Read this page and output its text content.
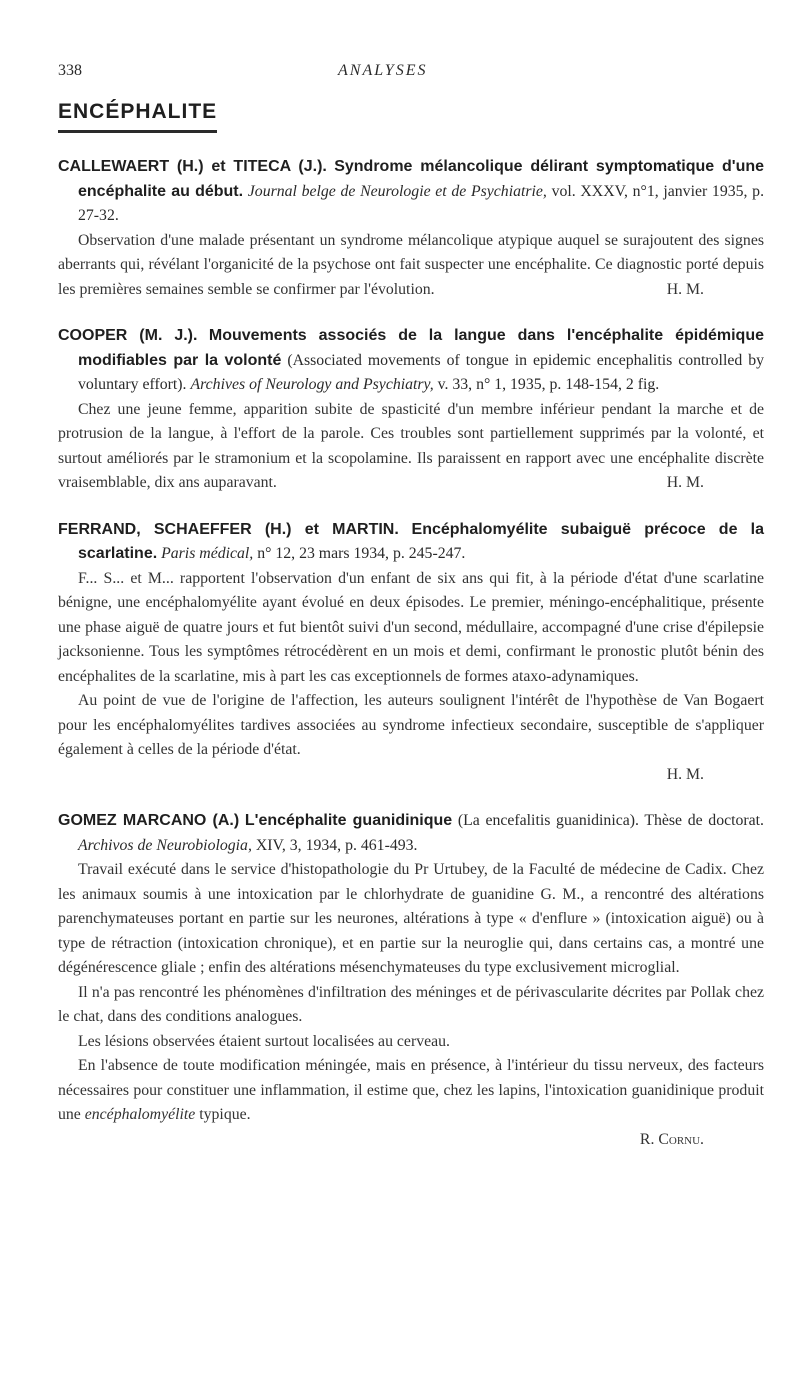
338	ANALYSES
ENCÉPHALITE
CALLEWAERT (H.) et TITECA (J.). Syndrome mélancolique délirant symptomatique d'une encéphalite au début. Journal belge de Neurologie et de Psychiatrie, vol. XXXV, n°1, janvier 1935, p. 27-32.

Observation d'une malade présentant un syndrome mélancolique atypique auquel se surajoutent des signes aberrants qui, révélant l'organicité de la psychose ont fait suspecter une encéphalite. Ce diagnostic porté depuis les premières semaines semble se confirmer par l'évolution.	H. M.
COOPER (M. J.). Mouvements associés de la langue dans l'encéphalite épidémique modifiables par la volonté (Associated movements of tongue in epidemic encephalitis controlled by voluntary effort). Archives of Neurology and Psychiatry, v. 33, n° 1, 1935, p. 148-154, 2 fig.

Chez une jeune femme, apparition subite de spasticité d'un membre inférieur pendant la marche et de protrusion de la langue, à l'effort de la parole. Ces troubles sont partiellement supprimés par la volonté, et surtout améliorés par le stramonium et la scopolamine. Ils paraissent en rapport avec une encéphalite discrète vraisemblable, dix ans auparavant.	H. M.
FERRAND, SCHAEFFER (H.) et MARTIN. Encéphalomyélite subaiguë précoce de la scarlatine. Paris médical, n° 12, 23 mars 1934, p. 245-247.

F... S... et M... rapportent l'observation d'un enfant de six ans qui fit, à la période d'état d'une scarlatine bénigne, une encéphalomyélite ayant évolué en deux épisodes. Le premier, méningo-encéphalitique, présente une phase aiguë de quatre jours et fut bientôt suivi d'un second, médullaire, accompagné d'une crise d'épilepsie jacksonienne. Tous les symptômes rétrocédèrent en un mois et demi, confirmant le pronostic plutôt bénin des encéphalites de la scarlatine, mis à part les cas exceptionnels de formes ataxo-adynamiques.

Au point de vue de l'origine de l'affection, les auteurs soulignent l'intérêt de l'hypothèse de Van Bogaert pour les encéphalomyélites tardives associées au syndrome infectieux secondaire, susceptible de s'appliquer également à celles de la période d'état.

H. M.
GOMEZ MARCANO (A.) L'encéphalite guanidinique (La encefalitis guanidinica). Thèse de doctorat. Archivos de Neurobiologia, XIV, 3, 1934, p. 461-493.

Travail exécuté dans le service d'histopathologie du Pr Urtubey, de la Faculté de médecine de Cadix. Chez les animaux soumis à une intoxication par le chlorhydrate de guanidine G. M., a rencontré des altérations parenchymateuses portant en partie sur les neurones, altérations à type « d'enflure » (intoxication aiguë) ou à type de rétraction (intoxication chronique), et en partie sur la neuroglie qui, dans certains cas, a montré une dégénérescence gliale ; enfin des altérations mésenchymateuses du type exclusivement microglial.

Il n'a pas rencontré les phénomènes d'infiltration des méninges et de périvascularite décrites par Pollak chez le chat, dans des conditions analogues.

Les lésions observées étaient surtout localisées au cerveau.

En l'absence de toute modification méningée, mais en présence, à l'intérieur du tissu nerveux, des facteurs nécessaires pour constituer une inflammation, il estime que, chez les lapins, l'intoxication guanidinique produit une encéphalomyélite typique.

R. Cornu.
